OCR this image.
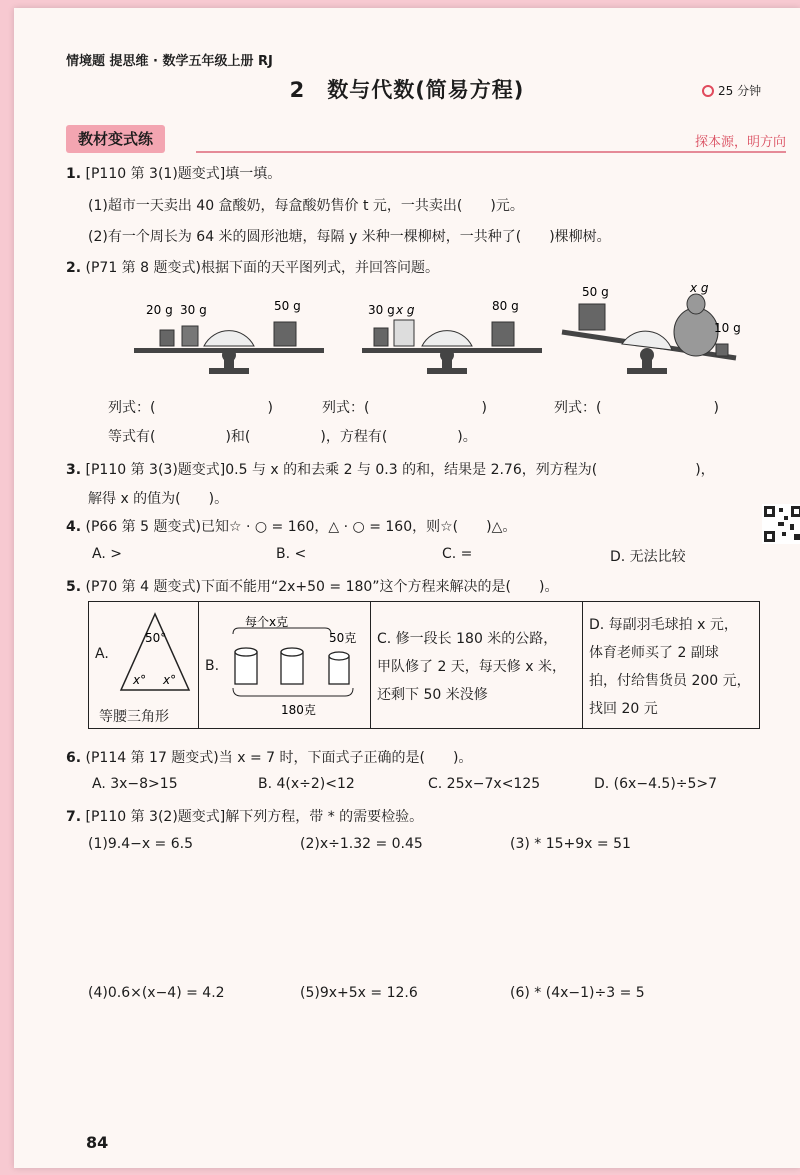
情境题 提思维 · 数学五年级上册 RJ
2　数与代数(简易方程)	25 分钟
教材变式练	探本源，明方向
1. [P110 第 3(1)题变式]填一填。
(1)超市一天卖出 40 盒酸奶，每盒酸奶售价 t 元，一共卖出(　　)元。
(2)有一个周长为 64 米的圆形池塘，每隔 y 米种一棵柳树，一共种了(　　)棵柳树。
2. (P71 第 8 题变式)根据下面的天平图列式，并回答问题。
20 g 30 g	50 g	30 g x g	80 g
50 g	x g
10 g
列式：(　　　　　　　　)	列式：(　　　　　　　　)	列式：(　　　　　　　　)
等式有(　　　　　)和(　　　　　)，方程有(　　　　　)。
3. [P110 第 3(3)题变式]0.5 与 x 的和去乘 2 与 0.3 的和，结果是 2.76，列方程为(　　　　　　　)，
解得 x 的值为(　　)。
4. (P66 第 5 题变式)已知☆ · ○ = 160，△ · ○ = 160，则☆(　　)△。
A. >	B. <	C. =	D. 无法比较
5. (P70 第 4 题变式)下面不能用“2x+50 = 180”这个方程来解决的是(　　)。
A.
50°
x° x°
等腰三角形
B.
每个x克
50克
180克
C. 修一段长 180 米的公路，
甲队修了 2 天，每天修 x 米，
还剩下 50 米没修
D. 每副羽毛球拍 x 元，
体育老师买了 2 副球
拍，付给售货员 200 元，
找回 20 元
6. (P114 第 17 题变式)当 x = 7 时，下面式子正确的是(　　)。
A. 3x−8>15	B. 4(x÷2)<12	C. 25x−7x<125	D. (6x−4.5)÷5>7
7. [P110 第 3(2)题变式]解下列方程，带 * 的需要检验。
(1)9.4−x = 6.5	(2)x÷1.32 = 0.45	(3) * 15+9x = 51
(4)0.6×(x−4) = 4.2	(5)9x+5x = 12.6	(6) * (4x−1)÷3 = 5
84
